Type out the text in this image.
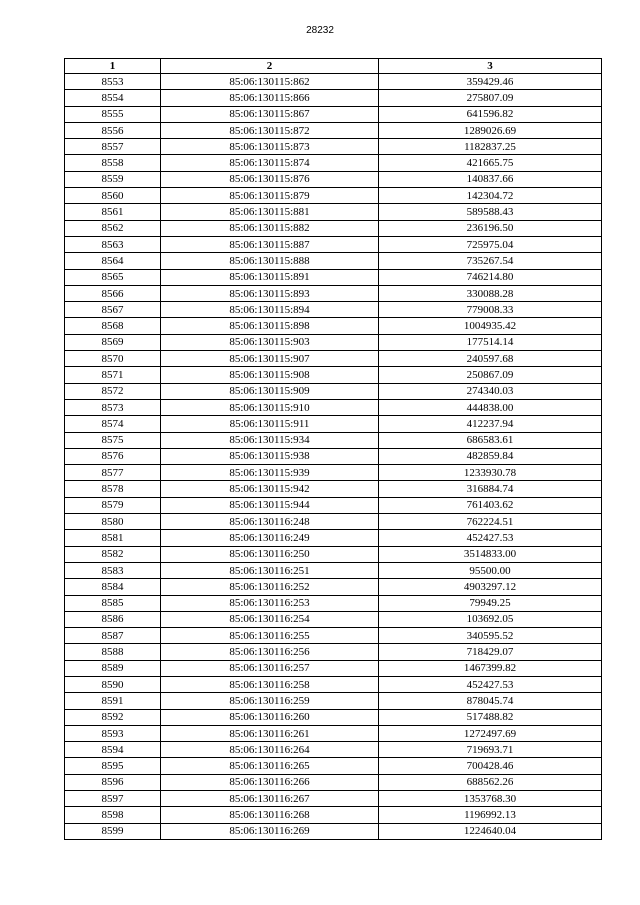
28232
1	2	3
8553	85:06:130115:862	359429.46
8554	85:06:130115:866	275807.09
8555	85:06:130115:867	641596.82
8556	85:06:130115:872	1289026.69
8557	85:06:130115:873	1182837.25
8558	85:06:130115:874	421665.75
8559	85:06:130115:876	140837.66
8560	85:06:130115:879	142304.72
8561	85:06:130115:881	589588.43
8562	85:06:130115:882	236196.50
8563	85:06:130115:887	725975.04
8564	85:06:130115:888	735267.54
8565	85:06:130115:891	746214.80
8566	85:06:130115:893	330088.28
8567	85:06:130115:894	779008.33
8568	85:06:130115:898	1004935.42
8569	85:06:130115:903	177514.14
8570	85:06:130115:907	240597.68
8571	85:06:130115:908	250867.09
8572	85:06:130115:909	274340.03
8573	85:06:130115:910	444838.00
8574	85:06:130115:911	412237.94
8575	85:06:130115:934	686583.61
8576	85:06:130115:938	482859.84
8577	85:06:130115:939	1233930.78
8578	85:06:130115:942	316884.74
8579	85:06:130115:944	761403.62
8580	85:06:130116:248	762224.51
8581	85:06:130116:249	452427.53
8582	85:06:130116:250	3514833.00
8583	85:06:130116:251	95500.00
8584	85:06:130116:252	4903297.12
8585	85:06:130116:253	79949.25
8586	85:06:130116:254	103692.05
8587	85:06:130116:255	340595.52
8588	85:06:130116:256	718429.07
8589	85:06:130116:257	1467399.82
8590	85:06:130116:258	452427.53
8591	85:06:130116:259	878045.74
8592	85:06:130116:260	517488.82
8593	85:06:130116:261	1272497.69
8594	85:06:130116:264	719693.71
8595	85:06:130116:265	700428.46
8596	85:06:130116:266	688562.26
8597	85:06:130116:267	1353768.30
8598	85:06:130116:268	1196992.13
8599	85:06:130116:269	1224640.04
